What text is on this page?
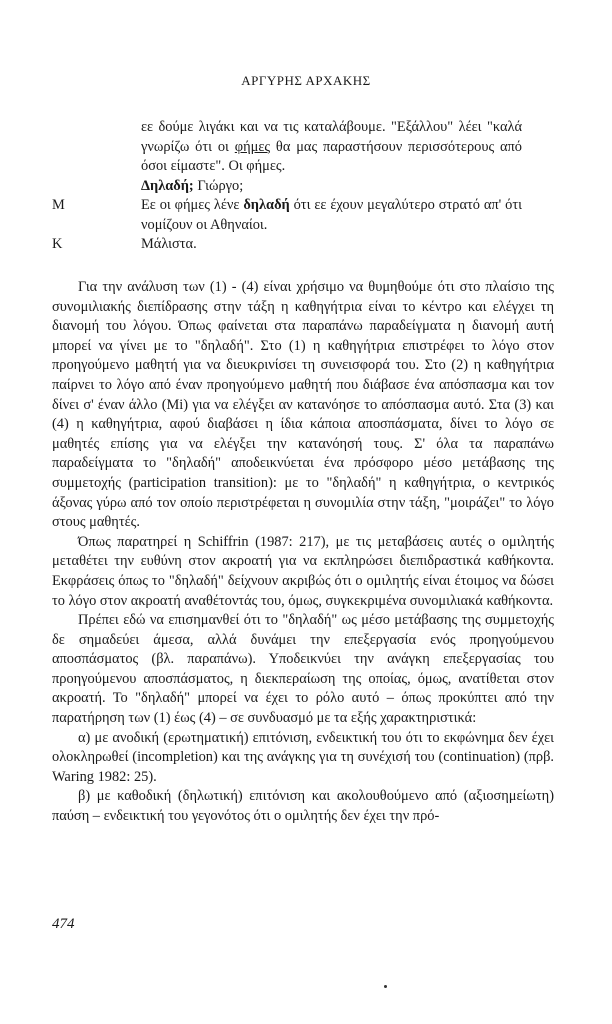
ΑΡΓΥΡΗΣ ΑΡΧΑΚΗΣ
εε δούμε λιγάκι και να τις καταλάβουμε. "Εξάλλου" λέει "καλά γνωρίζω ότι οι φήμες θα μας παραστήσουν περισσότερους από όσοι είμαστε". Οι φήμες.
Δηλαδή; Γιώργο;
Μ	Εε οι φήμες λένε δηλαδή ότι εε έχουν μεγαλύτερο στρατό απ' ότι νομίζουν οι Αθηναίοι.
Κ	Μάλιστα.

Για την ανάλυση των (1) - (4) είναι χρήσιμο να θυμηθούμε ότι στο πλαίσιο της συνομιλιακής διεπίδρασης στην τάξη η καθηγήτρια είναι το κέντρο και ελέγχει τη διανομή του λόγου. Όπως φαίνεται στα παραπάνω παραδείγματα η διανομή αυτή μπορεί να γίνει με το "δηλαδή". Στο (1) η καθηγήτρια επιστρέφει το λόγο στον προηγούμενο μαθητή για να διευκρινίσει τη συνεισφορά του. Στο (2) η καθηγήτρια παίρνει το λόγο από έναν προηγούμενο μαθητή που διάβασε ένα απόσπασμα και τον δίνει σ' έναν άλλο (Μi) για να ελέγξει αν κατανόησε το απόσπασμα αυτό. Στα (3) και (4) η καθηγήτρια, αφού διαβάσει η ίδια κάποια αποσπάσματα, δίνει το λόγο σε μαθητές επίσης για να ελέγξει την κατανόησή τους. Σ' όλα τα παραπάνω παραδείγματα το "δηλαδή" αποδεικνύεται ένα πρόσφορο μέσο μετάβασης της συμμετοχής (participation transition): με το "δηλαδή" η καθηγήτρια, ο κεντρικός άξονας γύρω από τον οποίο περιστρέφεται η συνομιλία στην τάξη, "μοιράζει" το λόγο στους μαθητές.

Όπως παρατηρεί η Schiffrin (1987: 217), με τις μεταβάσεις αυτές ο ομιλητής μεταθέτει την ευθύνη στον ακροατή για να εκπληρώσει διεπιδραστικά καθήκοντα. Εκφράσεις όπως το "δηλαδή" δείχνουν ακριβώς ότι ο ομιλητής είναι έτοιμος να δώσει το λόγο στον ακροατή αναθέτοντάς του, όμως, συγκεκριμένα συνομιλιακά καθήκοντα.

Πρέπει εδώ να επισημανθεί ότι το "δηλαδή" ως μέσο μετάβασης της συμμετοχής δε σημαδεύει άμεσα, αλλά δυνάμει την επεξεργασία ενός προηγούμενου αποσπάσματος (βλ. παραπάνω). Υποδεικνύει την ανάγκη επεξεργασίας του προηγούμενου αποσπάσματος, η διεκπεραίωση της οποίας, όμως, ανατίθεται στον ακροατή. Το "δηλαδή" μπορεί να έχει το ρόλο αυτό – όπως προκύπτει από την παρατήρηση των (1) έως (4) – σε συνδυασμό με τα εξής χαρακτηριστικά:

α) με ανοδική (ερωτηματική) επιτόνιση, ενδεικτική του ότι το εκφώνημα δεν έχει ολοκληρωθεί (incompletion) και της ανάγκης για τη συνέχισή του (continuation) (πρβ. Waring 1982: 25).

β) με καθοδική (δηλωτική) επιτόνιση και ακολουθούμενο από (αξιοσημείωτη) παύση – ενδεικτική του γεγονότος ότι ο ομιλητής δεν έχει την πρό-

474
